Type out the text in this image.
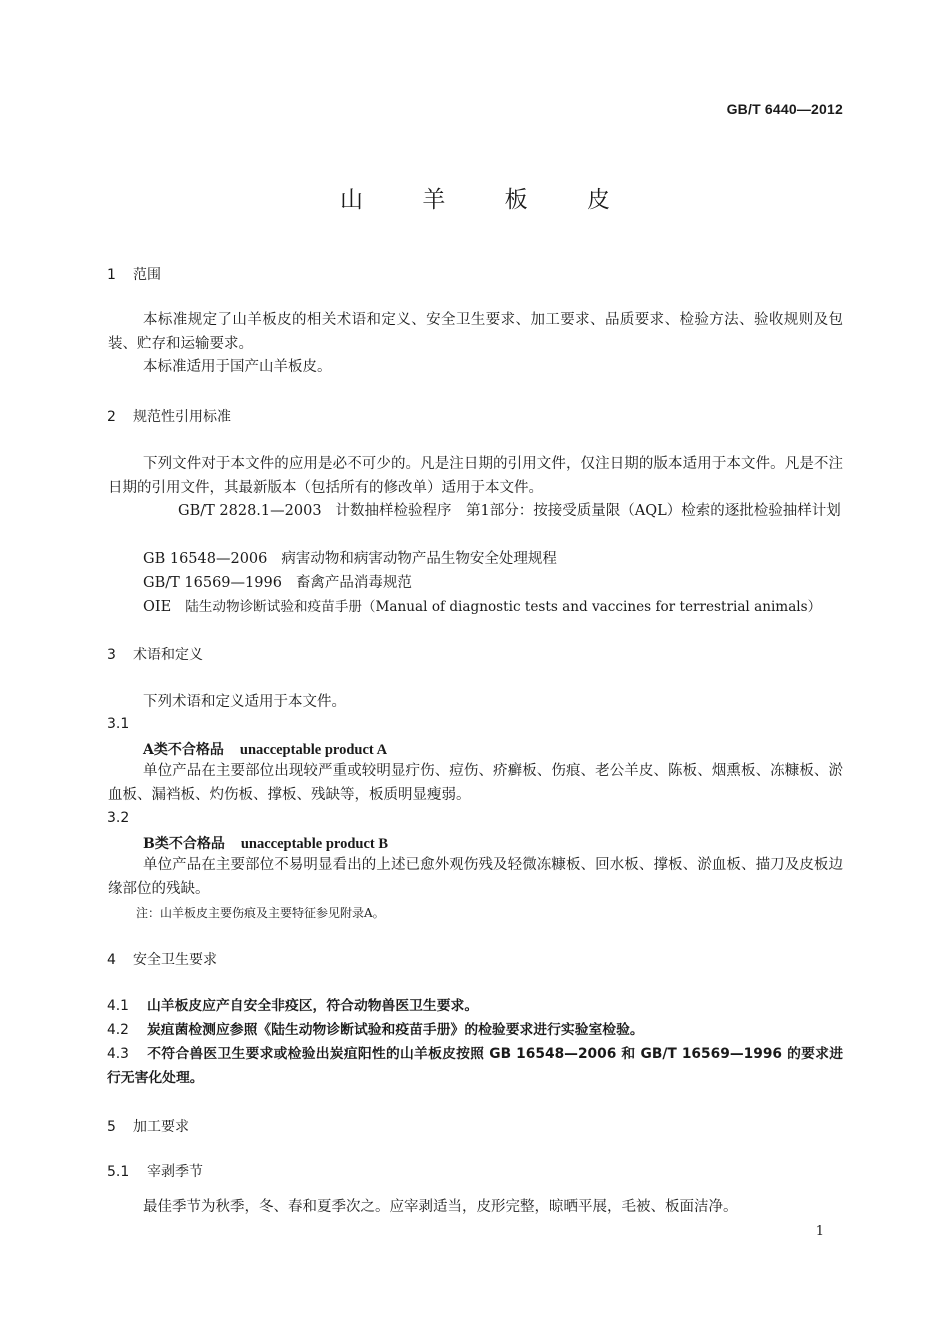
GB/T 6440—2012
山 羊 板 皮
1 范围
本标准规定了山羊板皮的相关术语和定义、安全卫生要求、加工要求、品质要求、检验方法、验收规则及包装、贮存和运输要求。
本标准适用于国产山羊板皮。
2 规范性引用标准
下列文件对于本文件的应用是必不可少的。凡是注日期的引用文件，仅注日期的版本适用于本文件。凡是不注日期的引用文件，其最新版本（包括所有的修改单）适用于本文件。
GB/T 2828.1—2003 计数抽样检验程序　第1部分：按接受质量限（AQL）检索的逐批检验抽样计划
GB 16548—2006 病害动物和病害动物产品生物安全处理规程
GB/T 16569—1996 畜禽产品消毒规范
OIE 陆生动物诊断试验和疫苗手册（Manual of diagnostic tests and vaccines for terrestrial animals）
3 术语和定义
下列术语和定义适用于本文件。
3.1
A类不合格品 unacceptable product A
单位产品在主要部位出现较严重或较明显疔伤、痘伤、疥癣板、伤痕、老公羊皮、陈板、烟熏板、冻糠板、淤血板、漏裆板、灼伤板、撑板、残缺等，板质明显瘦弱。
3.2
B类不合格品 unacceptable product B
单位产品在主要部位不易明显看出的上述已愈外观伤残及轻微冻糠板、回水板、撑板、淤血板、描刀及皮板边缘部位的残缺。
注：山羊板皮主要伤痕及主要特征参见附录A。
4 安全卫生要求
4.1 山羊板皮应产自安全非疫区，符合动物兽医卫生要求。
4.2 炭疽菌检测应参照《陆生动物诊断试验和疫苗手册》的检验要求进行实验室检验。
4.3 不符合兽医卫生要求或检验出炭疽阳性的山羊板皮按照 GB 16548—2006 和 GB/T 16569—1996 的要求进行无害化处理。
5 加工要求
5.1 宰剥季节
最佳季节为秋季，冬、春和夏季次之。应宰剥适当，皮形完整，晾晒平展，毛被、板面洁净。
1
